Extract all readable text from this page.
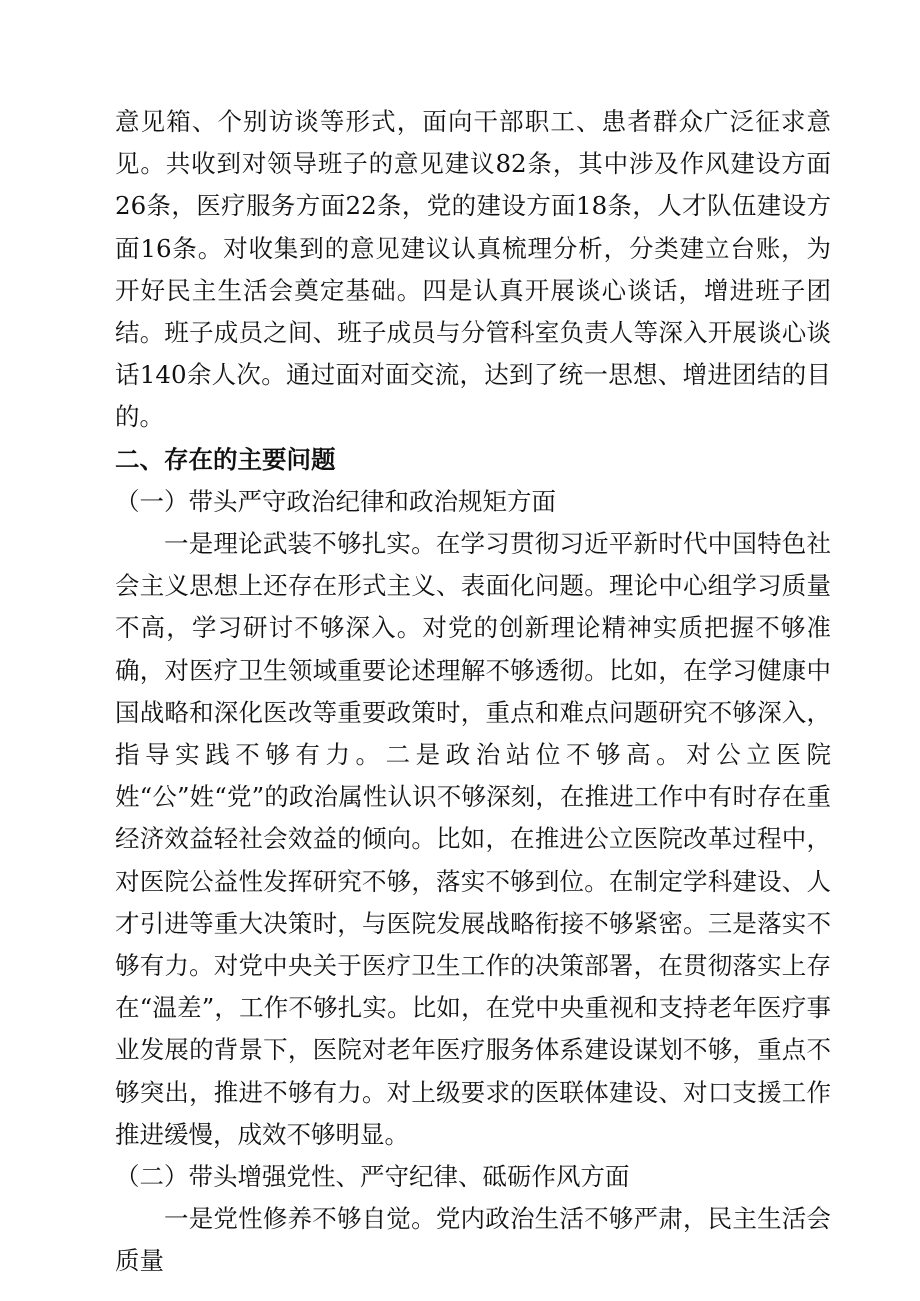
意见箱、个别访谈等形式，面向干部职工、患者群众广泛征求意见。共收到对领导班子的意见建议82条，其中涉及作风建设方面26条，医疗服务方面22条，党的建设方面18条，人才队伍建设方面16条。对收集到的意见建议认真梳理分析，分类建立台账，为开好民主生活会奠定基础。四是认真开展谈心谈话，增进班子团结。班子成员之间、班子成员与分管科室负责人等深入开展谈心谈话140余人次。通过面对面交流，达到了统一思想、增进团结的目的。

二、存在的主要问题

（一）带头严守政治纪律和政治规矩方面

一是理论武装不够扎实。在学习贯彻习近平新时代中国特色社会主义思想上还存在形式主义、表面化问题。理论中心组学习质量不高，学习研讨不够深入。对党的创新理论精神实质把握不够准确，对医疗卫生领域重要论述理解不够透彻。比如，在学习健康中国战略和深化医改等重要政策时，重点和难点问题研究不够深入，指导实践不够有力。二是政治站位不够高。对公立医院姓“公”姓“党”的政治属性认识不够深刻，在推进工作中有时存在重经济效益轻社会效益的倾向。比如，在推进公立医院改革过程中，对医院公益性发挥研究不够，落实不够到位。在制定学科建设、人才引进等重大决策时，与医院发展战略衔接不够紧密。三是落实不够有力。对党中央关于医疗卫生工作的决策部署，在贯彻落实上存在“温差”，工作不够扎实。比如，在党中央重视和支持老年医疗事业发展的背景下，医院对老年医疗服务体系建设谋划不够，重点不够突出，推进不够有力。对上级要求的医联体建设、对口支援工作推进缓慢，成效不够明显。

（二）带头增强党性、严守纪律、砥砺作风方面

一是党性修养不够自觉。党内政治生活不够严肃，民主生活会质量
